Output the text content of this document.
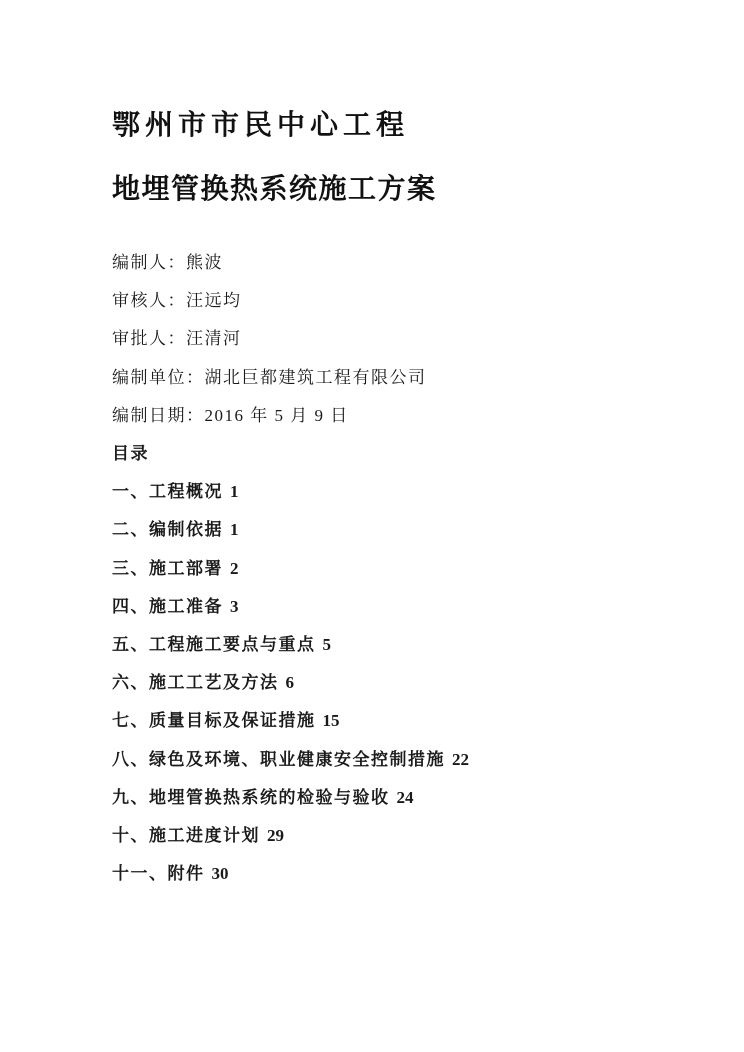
鄂州市市民中心工程
地埋管换热系统施工方案

编制人：熊波

审核人：汪远均

审批人：汪清河

编制单位：湖北巨都建筑工程有限公司

编制日期：2016 年 5 月 9 日

目录

一、工程概况 1

二、编制依据 1

三、施工部署 2

四、施工准备 3

五、工程施工要点与重点 5

六、施工工艺及方法 6

七、质量目标及保证措施 15

八、绿色及环境、职业健康安全控制措施 22

九、地埋管换热系统的检验与验收 24

十、施工进度计划 29

十一、附件 30
